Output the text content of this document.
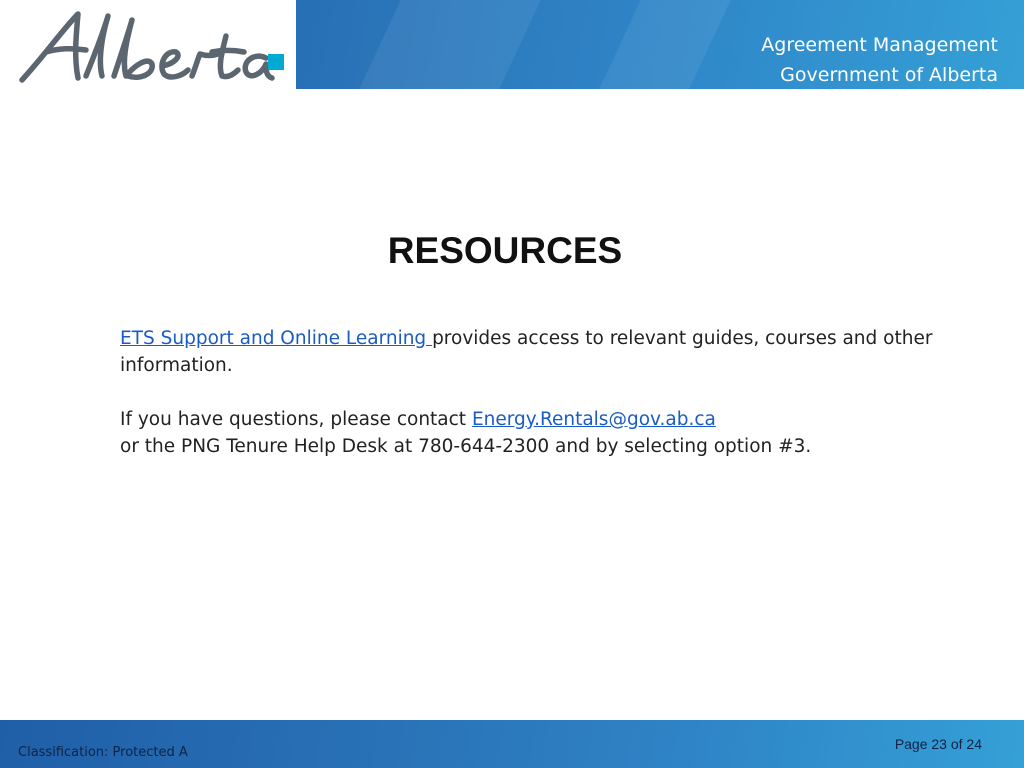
Agreement Management
Government of Alberta
RESOURCES

ETS Support and Online Learning provides access to relevant guides, courses and other information.

If you have questions, please contact Energy.Rentals@gov.ab.ca

or the PNG Tenure Help Desk at 780-644-2300 and by selecting option #3.

Classification: Protected A
Page 23 of 24
